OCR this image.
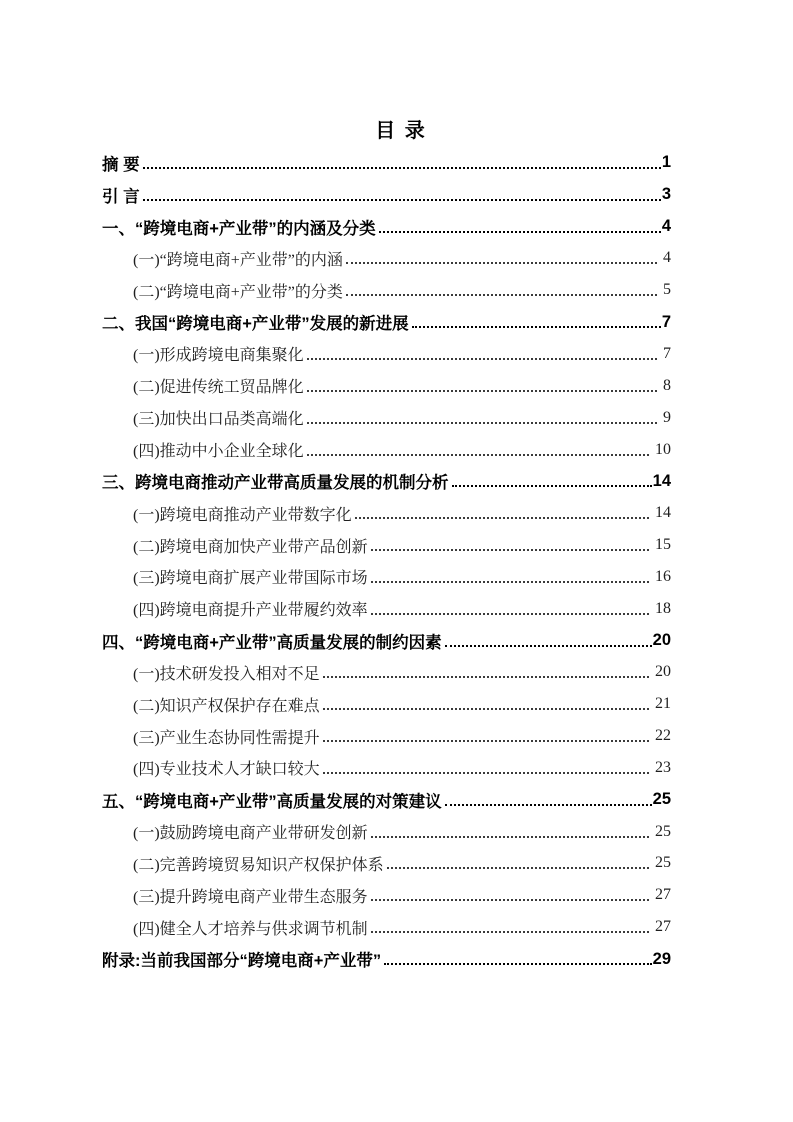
目 录
摘 要	1
引 言	3
一、“跨境电商+产业带”的内涵及分类	4
(一)“跨境电商+产业带”的内涵	4
(二)“跨境电商+产业带”的分类	5
二、我国“跨境电商+产业带”发展的新进展	7
(一)形成跨境电商集聚化	7
(二)促进传统工贸品牌化	8
(三)加快出口品类高端化	9
(四)推动中小企业全球化	10
三、跨境电商推动产业带高质量发展的机制分析	14
(一)跨境电商推动产业带数字化	14
(二)跨境电商加快产业带产品创新	15
(三)跨境电商扩展产业带国际市场	16
(四)跨境电商提升产业带履约效率	18
四、“跨境电商+产业带”高质量发展的制约因素	20
(一)技术研发投入相对不足	20
(二)知识产权保护存在难点	21
(三)产业生态协同性需提升	22
(四)专业技术人才缺口较大	23
五、“跨境电商+产业带”高质量发展的对策建议	25
(一)鼓励跨境电商产业带研发创新	25
(二)完善跨境贸易知识产权保护体系	25
(三)提升跨境电商产业带生态服务	27
(四)健全人才培养与供求调节机制	27
附录:当前我国部分“跨境电商+产业带”	29
